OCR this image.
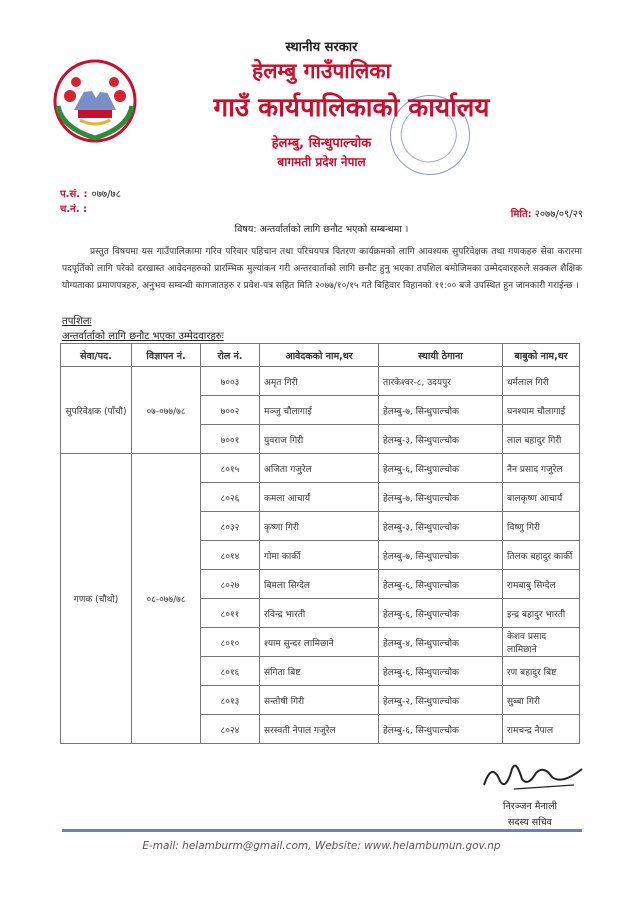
स्थानीय सरकार
हेलम्बु गाउँपालिका
गाउँ कार्यपालिकाको कार्यालय
हेलम्बु, सिन्धुपाल्चोक
बागमती प्रदेश नेपाल
प.सं. : ०७७/७८
च.नं. :	मिति: २०७७/०९/२९
विषय: अन्तर्वार्ताको लागि छनौट भएको सम्बन्धमा ।
प्रस्तुत विषयमा यस गाउँपालिकामा गरिव परिवार पहिचान तथा परिचयपत्र वितरण कार्यक्रमको लागि आवश्यक सुपरिवेक्षक तथा गणकहरु सेवा करारमा पदपूर्तिको लागि परेको दरखास्त आवेदनहरुको प्रारम्भिक मुल्यांकन गरी अन्तरवार्ताको लागि छनौट हुनु भएका तपशिल बमोजिमका उम्मेदवारहरुले सक्कल शैक्षिक योग्यताका प्रमाणपत्रहरु, अनुभव सम्वन्धी कागजातहरु र प्रवेश-पत्र सहित मिति २०७७/१०/१५ गते बिहिवार विहानको ११:०० बजे उपस्थित हुन जानकारी गराईन्छ ।
तपशिलः
अन्तर्वार्ताको लागि छनौट भएका उम्मेदवारहरुः
सेवा/पद.	विज्ञापन नं.	रोल नं.	आवेदकको नाम,थर	स्थायी ठेगाना	बाबुको नाम,थर
सुपरिवेक्षक (पाँचौ)	०७-०७७/७८	७००३	अमृत गिरी	तारकेश्वर-८, उदयपुर	धर्मलाल गिरी
		७००२	मञ्जु चौलागाई	हेलम्बु-७, सिन्धुपाल्चोक	घनश्याम चौलागाई
		७००१	युवराज गिरी	हेलम्बु-३, सिन्धुपाल्चोक	लाल बहादुर गिरी
गणक (चौथो)	०८-०७७/७८	८०१५	अजिता गजुरेल	हेलम्बु-६, सिन्धुपाल्चोक	नैन प्रसाद गजुरेल
		८०२६	कमला आचार्य	हेलम्बु-७, सिन्धुपाल्चोक	बालकृष्ण आचार्य
		८०३२	कृष्णा गिरी	हेलम्बु-३, सिन्धुपाल्चोक	विष्णु गिरी
		८०१४	गोमा कार्की	हेलम्बु-७, सिन्धुपाल्चोक	तिलक बहादुर कार्की
		८०२७	बिमला सिग्देल	हेलम्बु-६, सिन्धुपाल्चोक	रामबाबु सिग्देल
		८०११	रविन्द्र भारती	हेलम्बु-६, सिन्धुपाल्चोक	इन्द्र बहादुर भारती
		८०१०	श्याम सुन्दर लामिछाने	हेलम्बु-४, सिन्धुपाल्चोक	केशव प्रसाद लामिछाने
		८०१६	संगिता बिष्ट	हेलम्बु-६, सिन्धुपाल्चोक	रण बहादुर बिष्ट
		८०१३	सन्तोषी गिरी	हेलम्बु-२, सिन्धुपाल्चोक	सुब्बा गिरी
		८०२४	सरस्वती नेपाल गजुरेल	हेलम्बु-६, सिन्धुपाल्चोक	रामचन्द्र नेपाल
निरञ्जन मैनाली
सदस्य सचिव
E-mail: helamburm@gmail.com, Website: www.helambumun.gov.np
